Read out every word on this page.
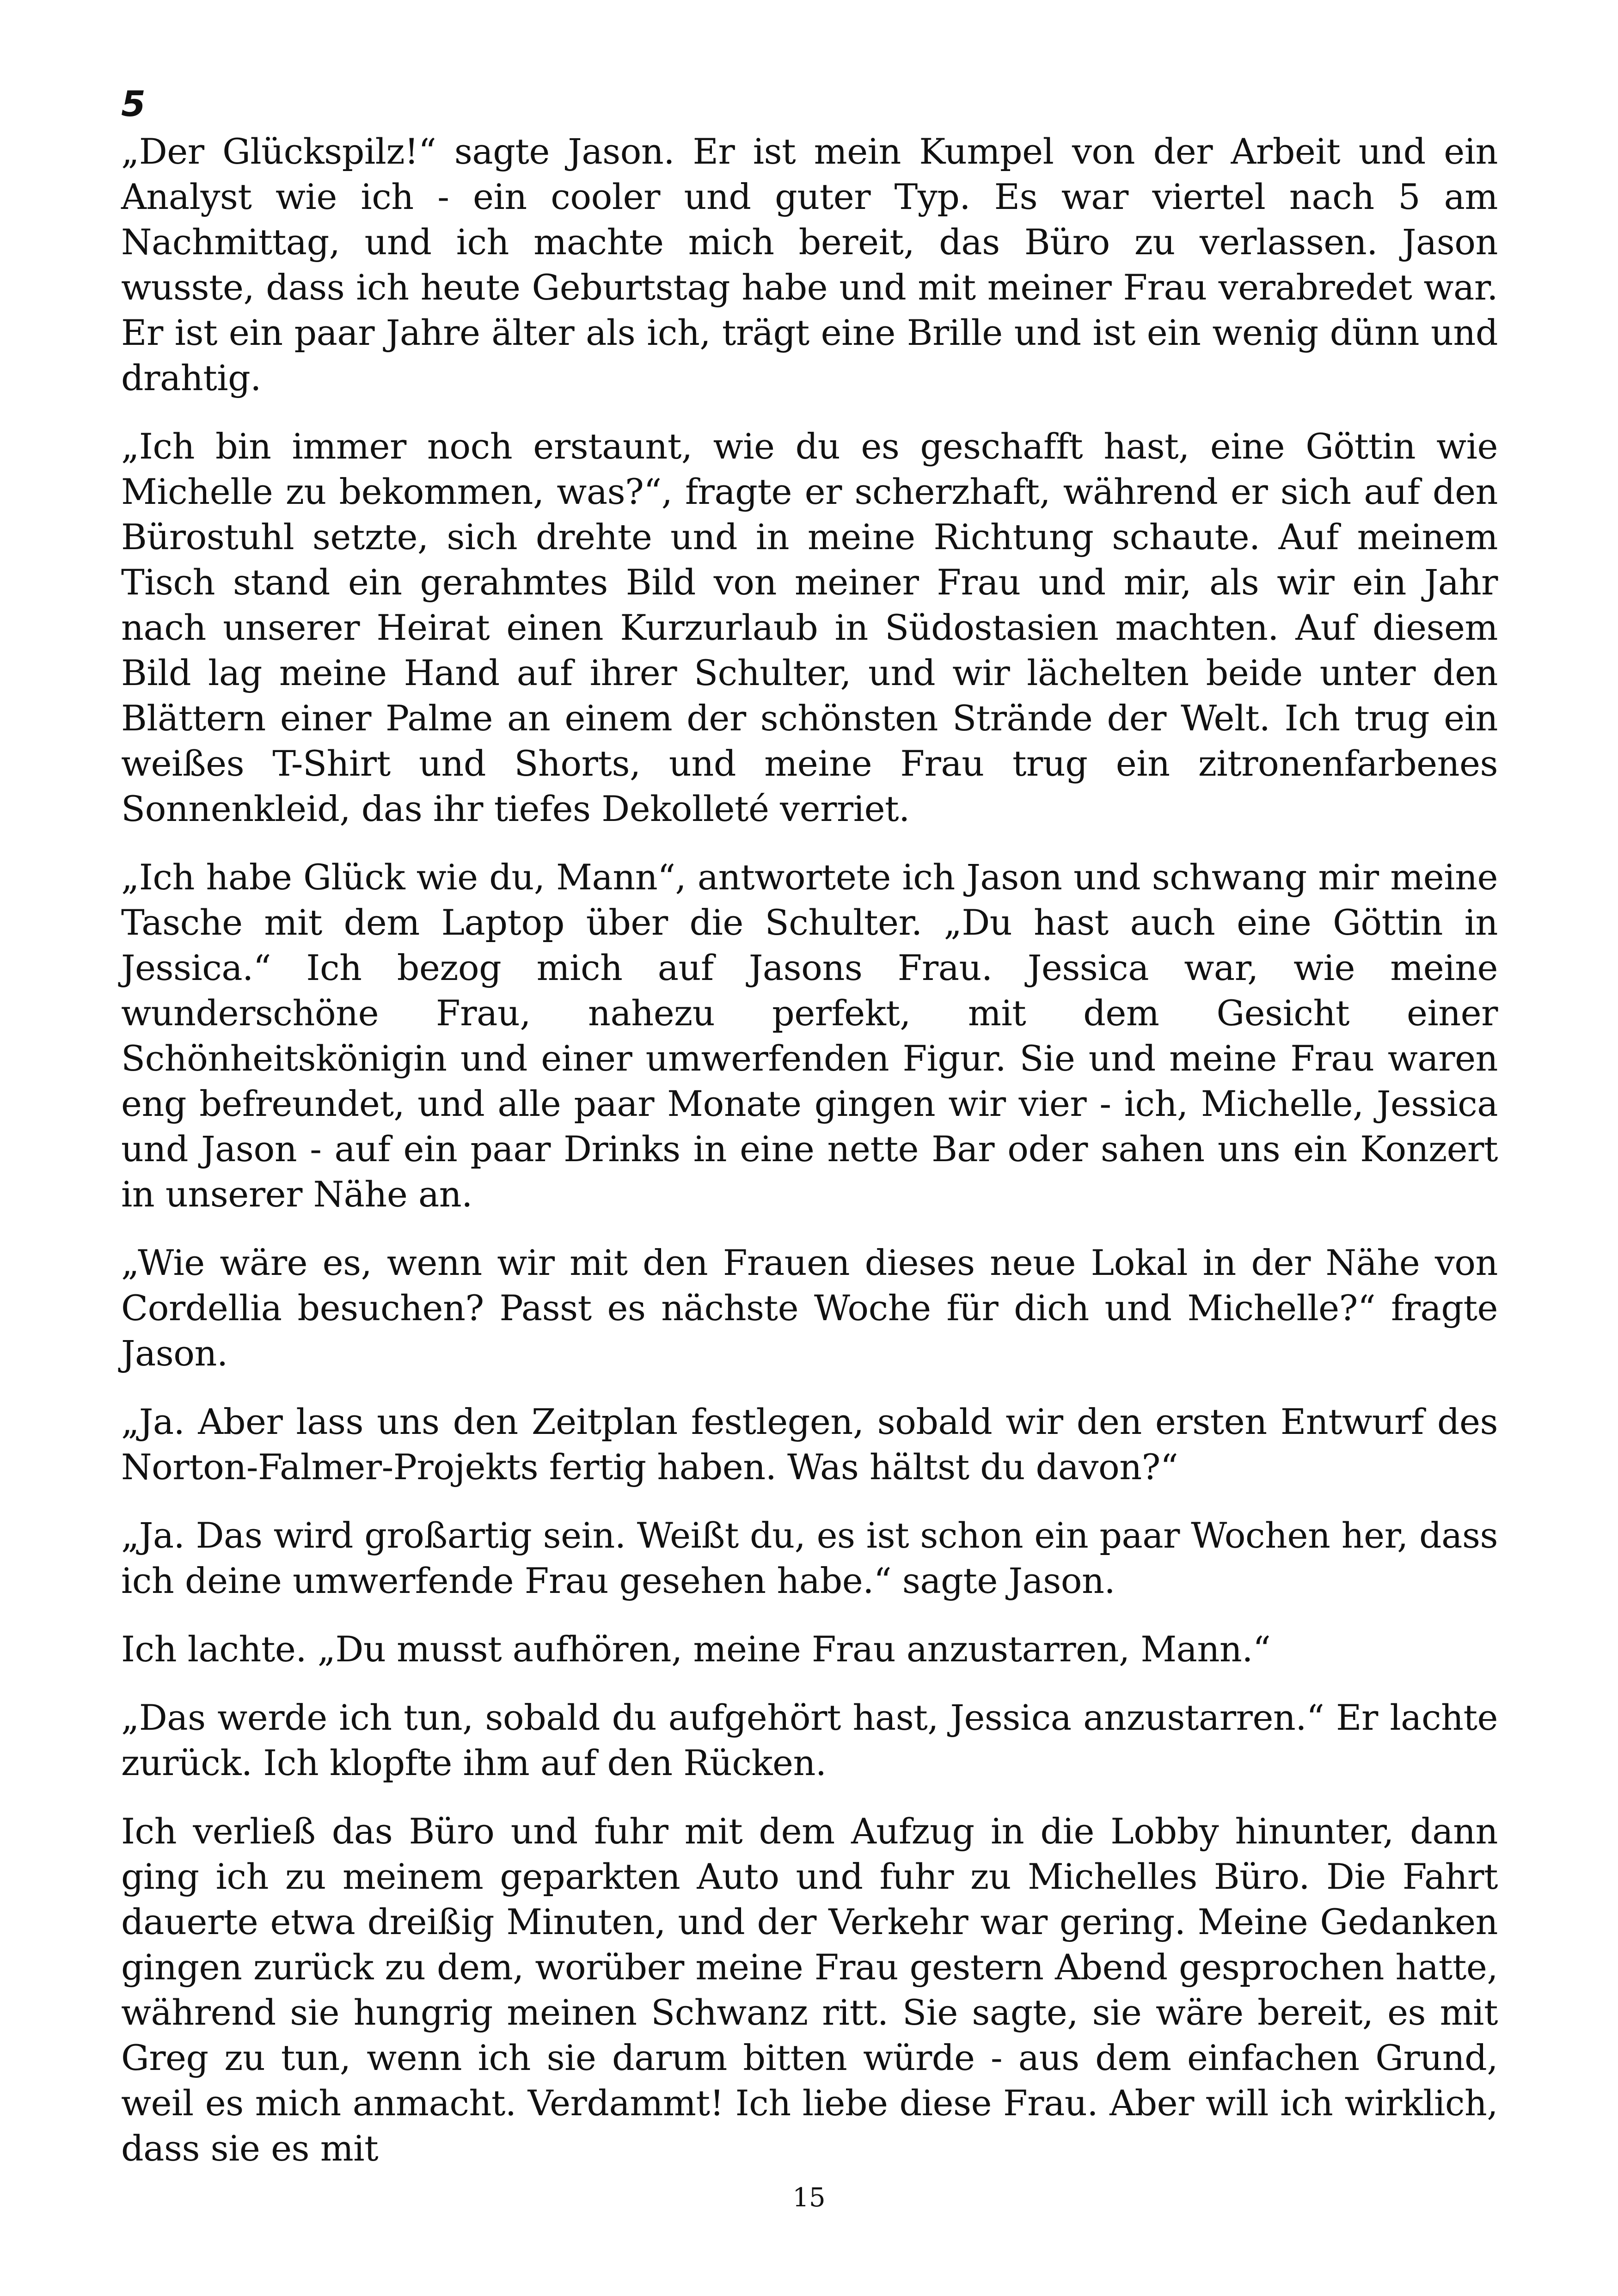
5

„Der Glückspilz!“ sagte Jason. Er ist mein Kumpel von der Arbeit und ein Analyst wie ich - ein cooler und guter Typ. Es war viertel nach 5 am Nachmittag, und ich machte mich bereit, das Büro zu verlassen. Jason wusste, dass ich heute Geburtstag habe und mit meiner Frau verabredet war. Er ist ein paar Jahre älter als ich, trägt eine Brille und ist ein wenig dünn und drahtig.

„Ich bin immer noch erstaunt, wie du es geschafft hast, eine Göttin wie Michelle zu bekommen, was?“, fragte er scherzhaft, während er sich auf den Bürostuhl setzte, sich drehte und in meine Richtung schaute. Auf meinem Tisch stand ein gerahmtes Bild von meiner Frau und mir, als wir ein Jahr nach unserer Heirat einen Kurzurlaub in Südostasien machten. Auf diesem Bild lag meine Hand auf ihrer Schulter, und wir lächelten beide unter den Blättern einer Palme an einem der schönsten Strände der Welt. Ich trug ein weißes T-Shirt und Shorts, und meine Frau trug ein zitronenfarbenes Sonnenkleid, das ihr tiefes Dekolleté verriet.

„Ich habe Glück wie du, Mann“, antwortete ich Jason und schwang mir meine Tasche mit dem Laptop über die Schulter. „Du hast auch eine Göttin in Jessica.“ Ich bezog mich auf Jasons Frau. Jessica war, wie meine wunderschöne Frau, nahezu perfekt, mit dem Gesicht einer Schönheitskönigin und einer umwerfenden Figur. Sie und meine Frau waren eng befreundet, und alle paar Monate gingen wir vier - ich, Michelle, Jessica und Jason - auf ein paar Drinks in eine nette Bar oder sahen uns ein Konzert in unserer Nähe an.

„Wie wäre es, wenn wir mit den Frauen dieses neue Lokal in der Nähe von Cordellia besuchen? Passt es nächste Woche für dich und Michelle?“ fragte Jason.

„Ja. Aber lass uns den Zeitplan festlegen, sobald wir den ersten Entwurf des Norton-Falmer-Projekts fertig haben. Was hältst du davon?“

„Ja. Das wird großartig sein. Weißt du, es ist schon ein paar Wochen her, dass ich deine umwerfende Frau gesehen habe.“ sagte Jason.

Ich lachte. „Du musst aufhören, meine Frau anzustarren, Mann.“

„Das werde ich tun, sobald du aufgehört hast, Jessica anzustarren.“ Er lachte zurück. Ich klopfte ihm auf den Rücken.

Ich verließ das Büro und fuhr mit dem Aufzug in die Lobby hinunter, dann ging ich zu meinem geparkten Auto und fuhr zu Michelles Büro. Die Fahrt dauerte etwa dreißig Minuten, und der Verkehr war gering. Meine Gedanken gingen zurück zu dem, worüber meine Frau gestern Abend gesprochen hatte, während sie hungrig meinen Schwanz ritt. Sie sagte, sie wäre bereit, es mit Greg zu tun, wenn ich sie darum bitten würde - aus dem einfachen Grund, weil es mich anmacht. Verdammt! Ich liebe diese Frau. Aber will ich wirklich, dass sie es mit

15
